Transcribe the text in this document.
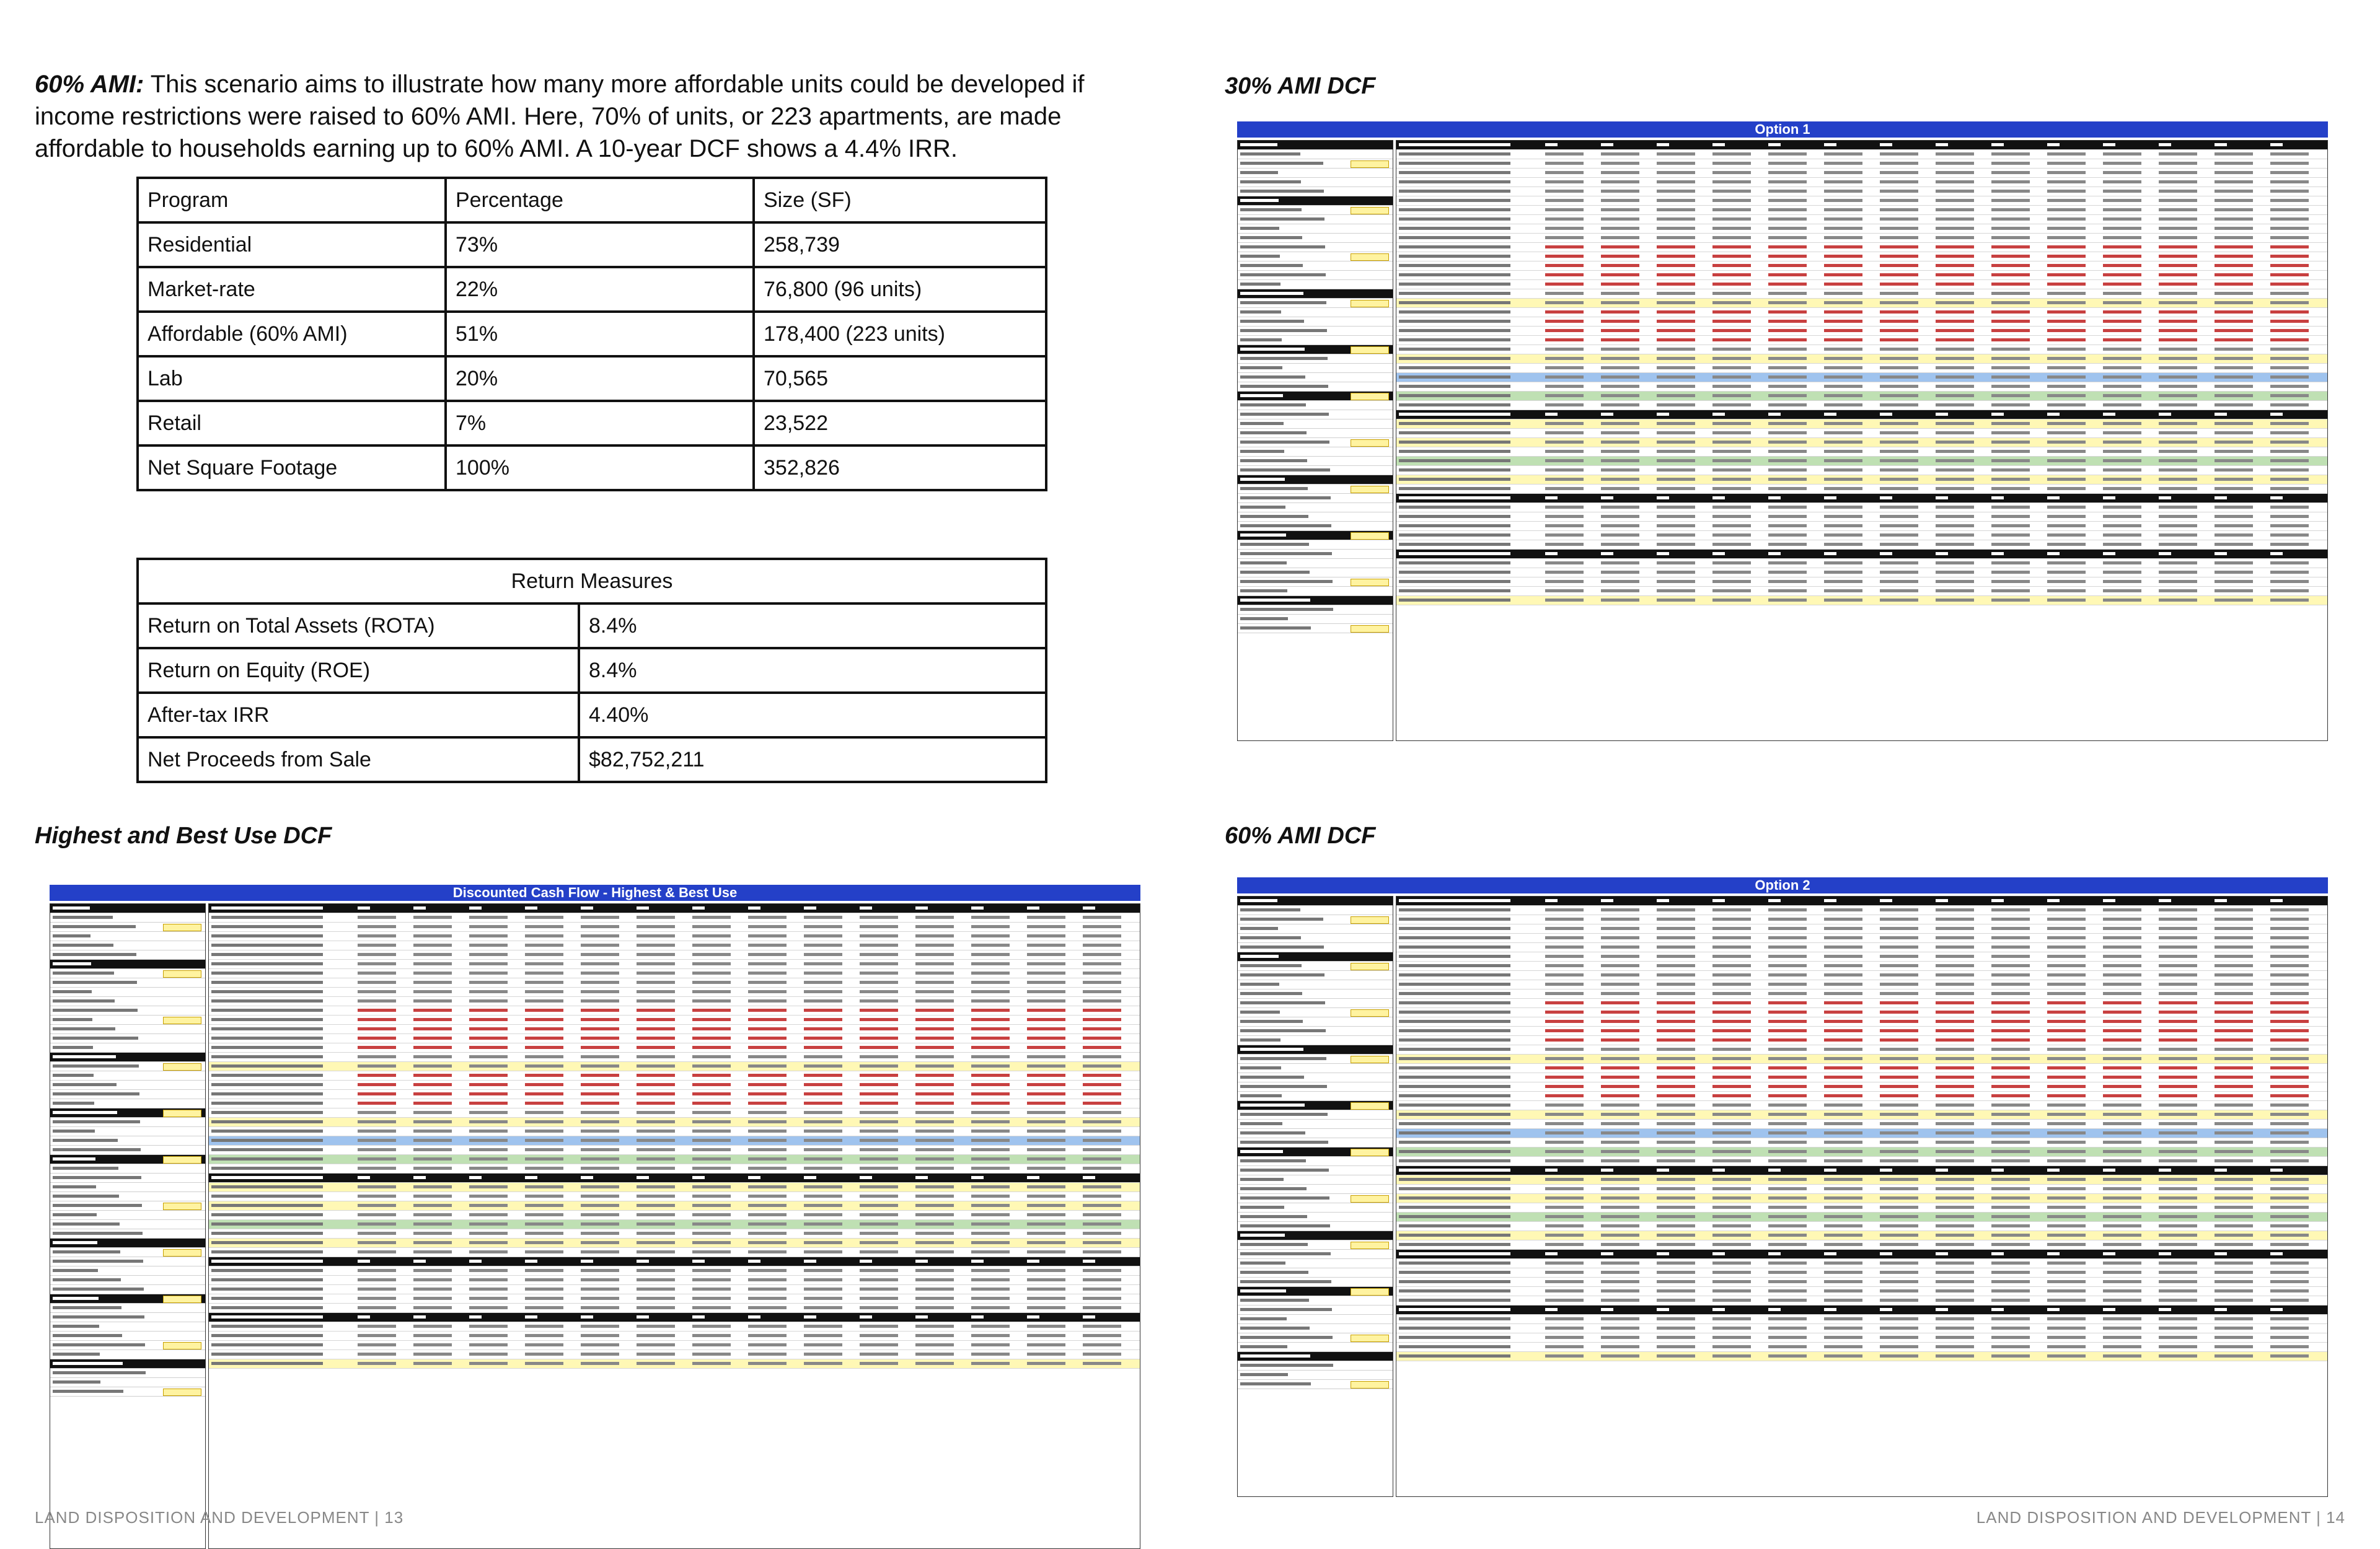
60% AMI: This scenario aims to illustrate how many more affordable units could be developed if income restrictions were raised to 60% AMI. Here, 70% of units, or 223 apartments, are made affordable to households earning up to 60% AMI. A 10-year DCF shows a 4.4% IRR.
Program	Percentage	Size (SF)
Residential	73%	258,739
Market-rate	22%	76,800 (96 units)
Affordable (60% AMI)	51%	178,400 (223 units)
Lab	20%	70,565
Retail	7%	23,522
Net Square Footage	100%	352,826
Return Measures	
Return on Total Assets (ROTA)	8.4%
Return on Equity (ROE)	8.4%
After-tax IRR	4.40%
Net Proceeds from Sale	$82,752,211
Highest and Best Use DCF
30% AMI DCF
60% AMI DCF
Discounted Cash Flow - Highest & Best Use
Option 1
Option 2
LAND DISPOSITION AND DEVELOPMENT | 13	LAND DISPOSITION AND DEVELOPMENT | 14
